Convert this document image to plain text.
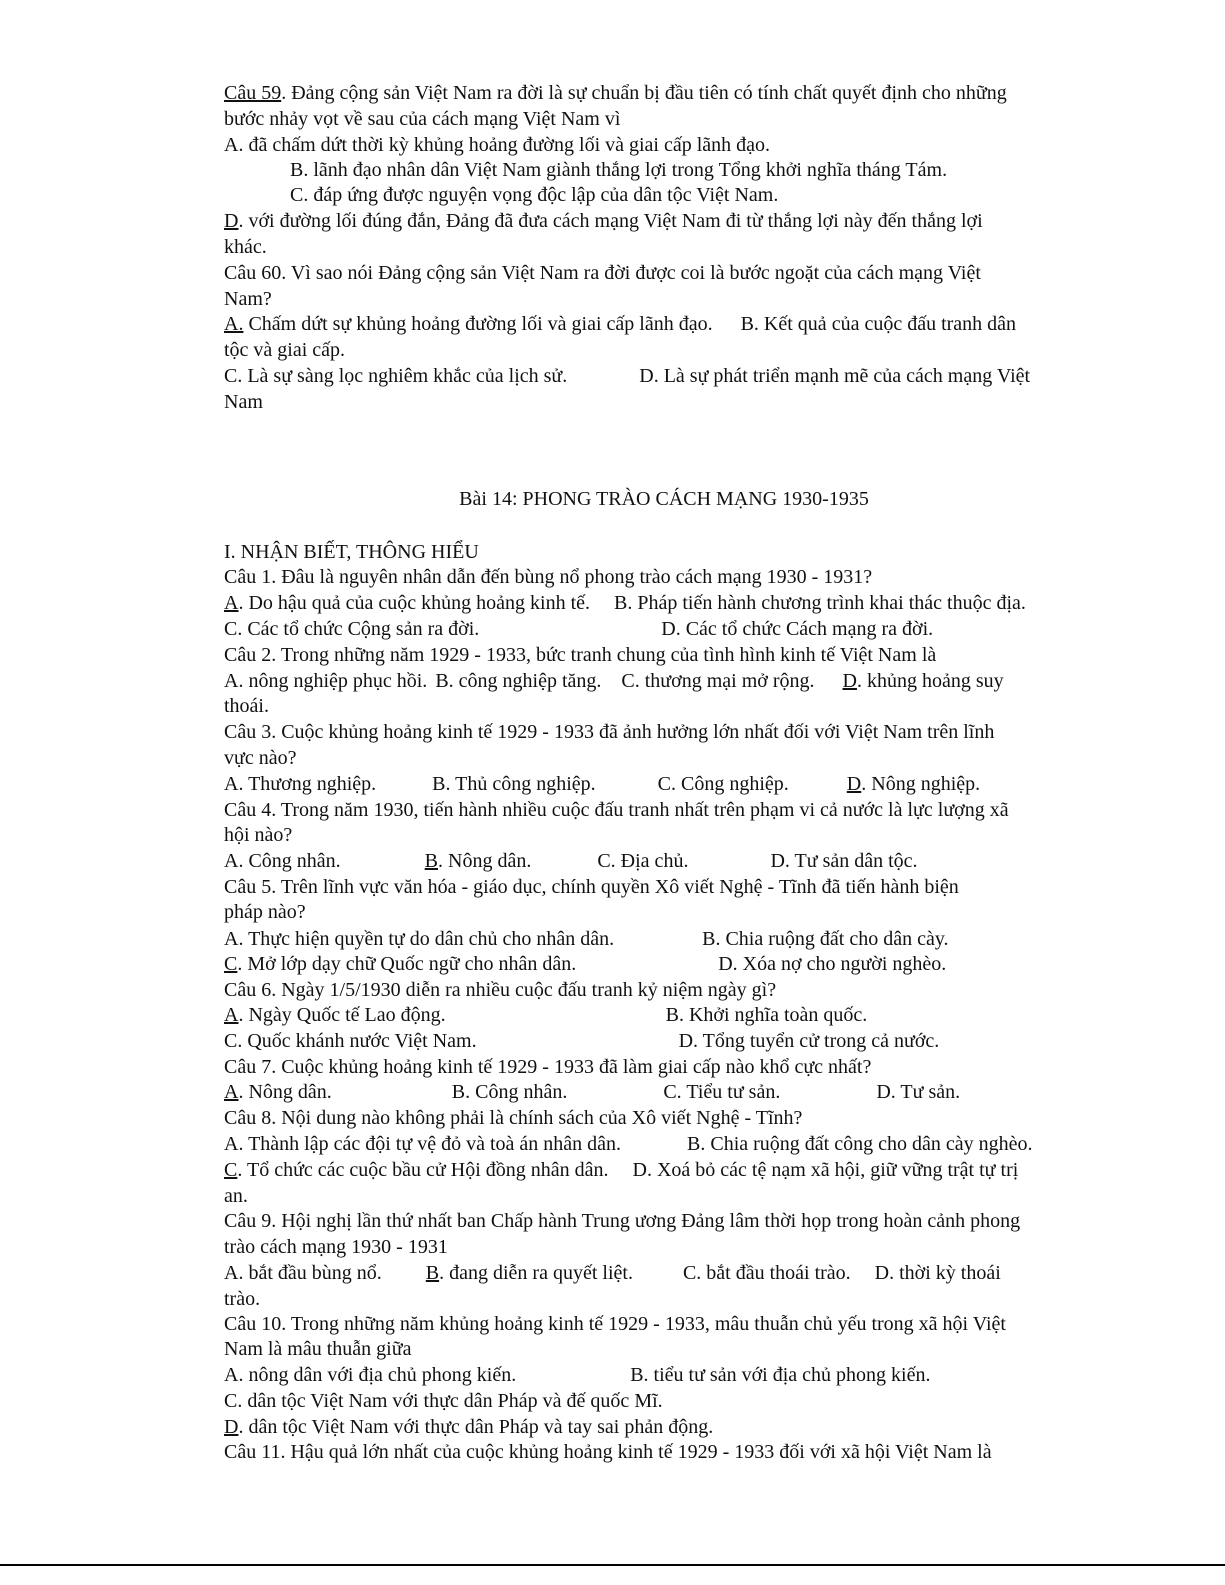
Câu 59. Đảng cộng sản Việt Nam ra đời là sự chuẩn bị đầu tiên có tính chất quyết định cho những
bước nhảy vọt về sau của cách mạng Việt Nam vì
A. đã chấm dứt thời kỳ khủng hoảng đường lối và giai cấp lãnh đạo.
B. lãnh đạo nhân dân Việt Nam giành thắng lợi trong Tổng khởi nghĩa tháng Tám.
C. đáp ứng được nguyện vọng độc lập của dân tộc Việt Nam.
D. với đường lối đúng đắn, Đảng đã đưa cách mạng Việt Nam đi từ thắng lợi này đến thắng lợi
khác.
Câu 60. Vì sao nói Đảng cộng sản Việt Nam ra đời được coi là bước ngoặt của cách mạng Việt
Nam?
A. Chấm dứt sự khủng hoảng đường lối và giai cấp lãnh đạo. B. Kết quả của cuộc đấu tranh dân
tộc và giai cấp.
C. Là sự sàng lọc nghiêm khắc của lịch sử.	D. Là sự phát triển mạnh mẽ của cách mạng Việt
Nam
Bài 14: PHONG TRÀO CÁCH MẠNG 1930-1935
I. NHẬN BIẾT, THÔNG HIỂU
Câu 1. Đâu là nguyên nhân dẫn đến bùng nổ phong trào cách mạng 1930 - 1931?
A. Do hậu quả của cuộc khủng hoảng kinh tế. B. Pháp tiến hành chương trình khai thác thuộc địa.
C. Các tổ chức Cộng sản ra đời.	D. Các tổ chức Cách mạng ra đời.
Câu 2. Trong những năm 1929 - 1933, bức tranh chung của tình hình kinh tế Việt Nam là
A. nông nghiệp phục hồi. B. công nghiệp tăng. C. thương mại mở rộng. D. khủng hoảng suy
thoái.
Câu 3. Cuộc khủng hoảng kinh tế 1929 - 1933 đã ảnh hưởng lớn nhất đối với Việt Nam trên lĩnh
vực nào?
A. Thương nghiệp.	B. Thủ công nghiệp.	C. Công nghiệp.	D. Nông nghiệp.
Câu 4. Trong năm 1930, tiến hành nhiều cuộc đấu tranh nhất trên phạm vi cả nước là lực lượng xã
hội nào?
A. Công nhân.	B. Nông dân.	C. Địa chủ.	D. Tư sản dân tộc.
Câu 5. Trên lĩnh vực văn hóa - giáo dục, chính quyền Xô viết Nghệ - Tĩnh đã tiến hành biện
pháp nào?
A. Thực hiện quyền tự do dân chủ cho nhân dân.	B. Chia ruộng đất cho dân cày.
C. Mở lớp dạy chữ Quốc ngữ cho nhân dân.	D. Xóa nợ cho người nghèo.
Câu 6. Ngày 1/5/1930 diễn ra nhiều cuộc đấu tranh kỷ niệm ngày gì?
A. Ngày Quốc tế Lao động.	B. Khởi nghĩa toàn quốc.
C. Quốc khánh nước Việt Nam.	D. Tổng tuyển cử trong cả nước.
Câu 7. Cuộc khủng hoảng kinh tế 1929 - 1933 đã làm giai cấp nào khổ cực nhất?
A. Nông dân.	B. Công nhân.	C. Tiểu tư sản.	D. Tư sản.
Câu 8. Nội dung nào không phải là chính sách của Xô viết Nghệ - Tĩnh?
A. Thành lập các đội tự vệ đỏ và toà án nhân dân.	B. Chia ruộng đất công cho dân cày nghèo.
C. Tổ chức các cuộc bầu cử Hội đồng nhân dân. D. Xoá bỏ các tệ nạm xã hội, giữ vững trật tự trị
an.
Câu 9. Hội nghị lần thứ nhất ban Chấp hành Trung ương Đảng lâm thời họp trong hoàn cảnh phong
trào cách mạng 1930 - 1931
A. bắt đầu bùng nổ. B. đang diễn ra quyết liệt.	C. bắt đầu thoái trào. D. thời kỳ thoái
trào.
Câu 10. Trong những năm khủng hoảng kinh tế 1929 - 1933, mâu thuẫn chủ yếu trong xã hội Việt
Nam là mâu thuẫn giữa
A. nông dân với địa chủ phong kiến.	B. tiểu tư sản với địa chủ phong kiến.
C. dân tộc Việt Nam với thực dân Pháp và đế quốc Mĩ.
D. dân tộc Việt Nam với thực dân Pháp và tay sai phản động.
Câu 11. Hậu quả lớn nhất của cuộc khủng hoảng kinh tế 1929 - 1933 đối với xã hội Việt Nam là
